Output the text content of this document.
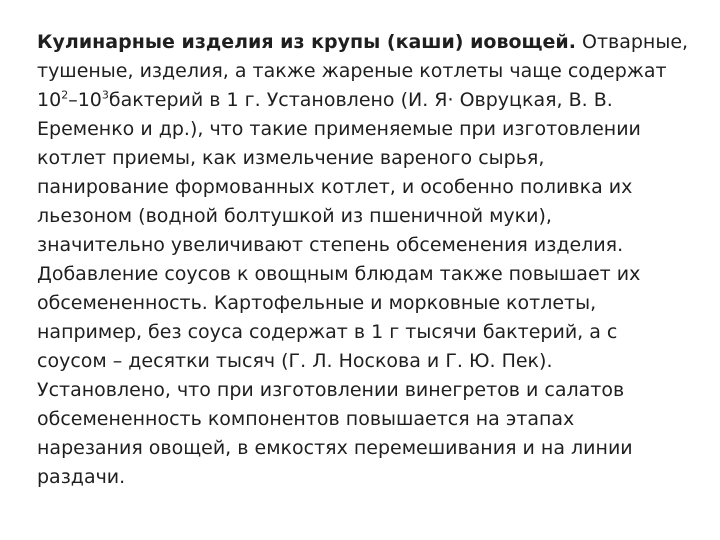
Кулинарные изделия из крупы (каши) иовощей. Отварные,
тушеные, изделия, а также жареные котлеты чаще содержат
$10^2-10^3бактерий$ в 1 г. Установлено (И. Я· Овруцкая, В. В.
Еременко и др.), что такие применяемые при изготовлении
котлет приемы, как измельчение вареного сырья,
панирование формованных котлет, и особенно поливка их
льезоном (водной болтушкой из пшеничной муки),
значительно увеличивают степень обсеменения изделия.
Добавление соусов к овощным блюдам также повышает их
обсемененность. Картофельные и морковные котлеты,
например, без соуса содержат в 1 г тысячи бактерий, а с
соусом – десятки тысяч (Г. Л. Носкова и Г. Ю. Пек).
Установлено, что при изготовлении винегретов и салатов
обсемененность компонентов повышается на этапах
нарезания овощей, в емкостях перемешивания и на линии
раздачи.
